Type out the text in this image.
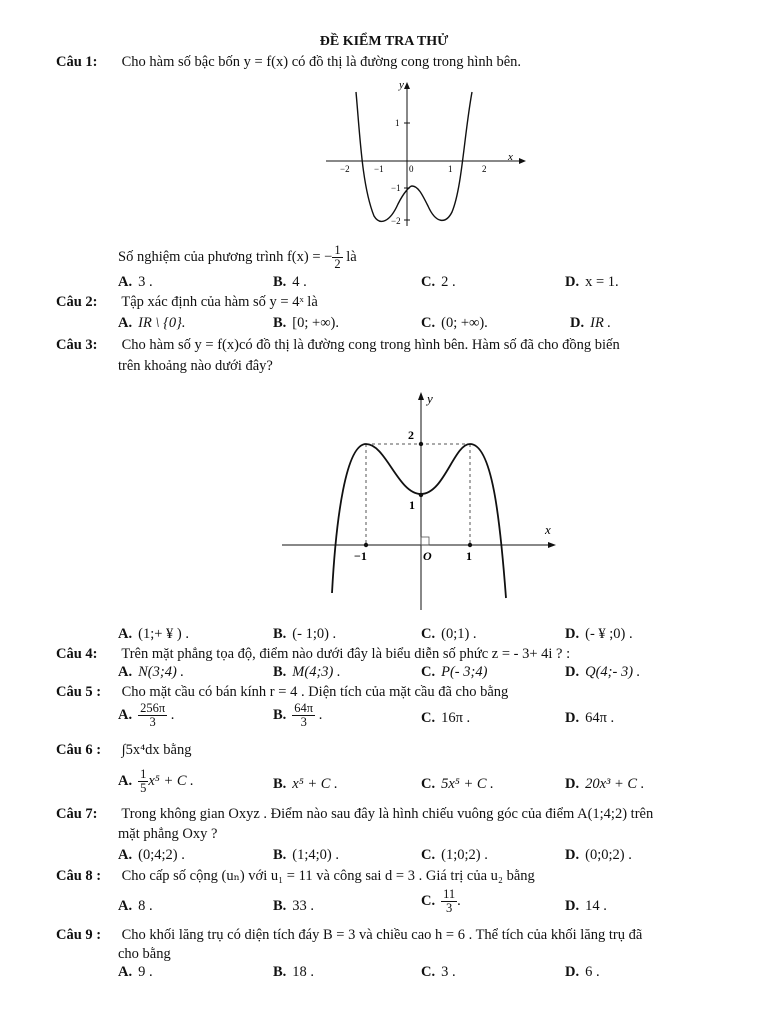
ĐỀ KIỂM TRA THỬ
Câu 1: Cho hàm số bậc bốn y = f(x) có đồ thị là đường cong trong hình bên.
y
x
1
−1
−2
−2	−1	0	1	2
Số nghiệm của phương trình f(x) = − $\frac{1}{2}$ là
A. 3 .	B. 4 .	C. 2 .	D. x = 1.
Câu 2: Tập xác định của hàm số y = 4ˣ là
A. IR \ {0}.	B. [0; +∞).	C. (0; +∞).	D. IR .
Câu 3: Cho hàm số y = f(x)có đồ thị là đường cong trong hình bên. Hàm số đã cho đồng biến
trên khoảng nào dưới đây?
y
x
2
1
−1	O	1
A. (1;+ ¥ ) .	B. (- 1;0) .	C. (0;1) .	D. (- ¥ ;0) .
Câu 4: Trên mặt phẳng tọa độ, điểm nào dưới đây là biểu diễn số phức z = - 3+ 4i ? :
A. N(3;4) .	B. M(4;3) .	C. P(- 3;4)	D. Q(4;- 3) .
Câu 5 : Cho mặt cầu có bán kính r = 4 . Diện tích của mặt cầu đã cho bằng
A. $\frac{256\pi}{3}$ .	B. $\frac{64\pi}{3}$ .	C. 16π .	D. 64π .
Câu 6 : ∫5x⁴dx bằng
A. $\frac{1}{5} x^5 + C$ .	B. x⁵ + C .	C. 5x⁵ + C .	D. 20x³ + C .
Câu 7: Trong không gian Oxyz . Điểm nào sau đây là hình chiếu vuông góc của điểm A(1;4;2) trên
mặt phẳng Oxy ?
A. (0;4;2) .	B. (1;4;0) .	C. (1;0;2) .	D. (0;0;2) .
Câu 8 : Cho cấp số cộng (uₙ) với u₁ = 11 và công sai d = 3 . Giá trị của u₂ bằng
A. 8 .	B. 33 .	C. $\frac{11}{3}$ .	D. 14 .
Câu 9 : Cho khối lăng trụ có diện tích đáy B = 3 và chiều cao h = 6 . Thể tích của khối lăng trụ đã
cho bằng
A. 9 .	B. 18 .	C. 3 .	D. 6 .
